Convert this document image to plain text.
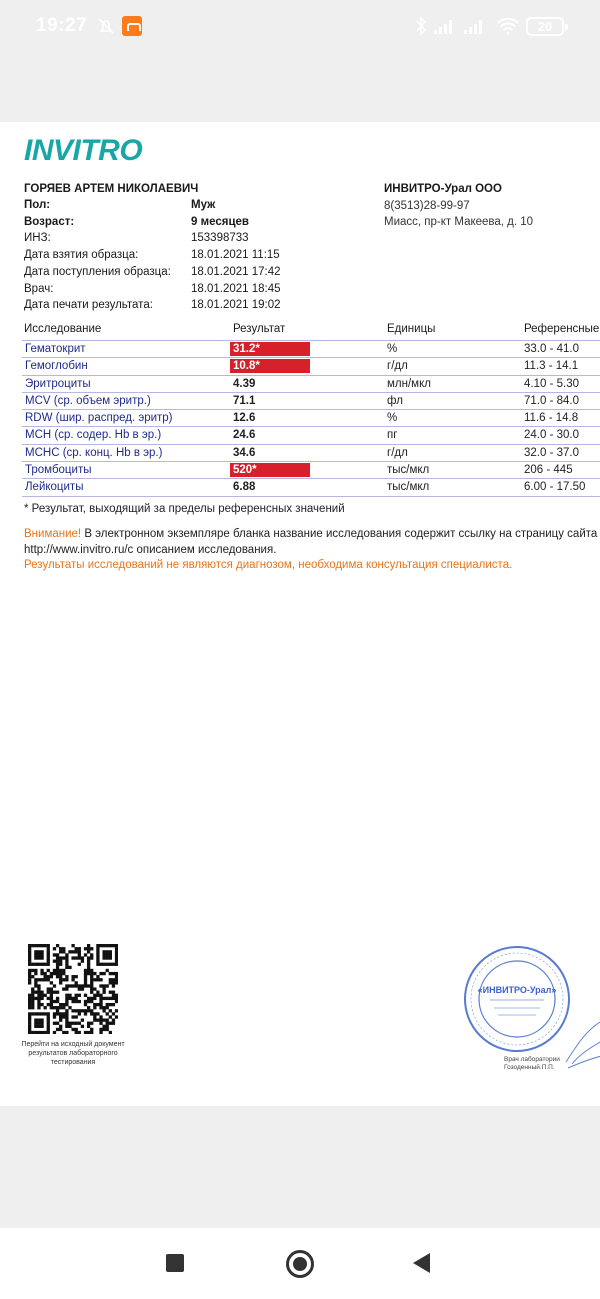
19:27	20
INVITRO
ГОРЯЕВ АРТЕМ НИКОЛАЕВИЧ	ИНВИТРО-Урал ООО
8(3513)28-99-97
Миасс, пр-кт Макеева, д. 10
Пол:	Муж
Возраст:	9 месяцев
ИНЗ:	153398733
Дата взятия образца:	18.01.2021 11:15
Дата поступления образца: 18.01.2021 17:42
Врач:	18.01.2021 18:45
Дата печати результата:	18.01.2021 19:02
Исследование	Результат	Единицы	Референсные
Гематокрит	31.2*	%	33.0 - 41.0
Гемоглобин	10.8*	г/дл	11.3 - 14.1
Эритроциты	4.39	млн/мкл	4.10 - 5.30
MCV (ср. объем эритр.)	71.1	фл	71.0 - 84.0
RDW (шир. распред. эритр)	12.6	%	11.6 - 14.8
MCH (ср. содер. Hb в эр.)	24.6	пг	24.0 - 30.0
MCHC (ср. конц. Hb в эр.)	34.6	г/дл	32.0 - 37.0
Тромбоциты	520*	тыс/мкл	206 - 445
Лейкоциты	6.88	тыс/мкл	6.00 - 17.50
* Результат, выходящий за пределы референсных значений
Внимание! В электронном экземпляре бланка название исследования содержит ссылку на страницу сайта http://www.invitro.ru/с описанием исследования.
Результаты исследований не являются диагнозом, необходима консультация специалиста.
Перейти на исходный документ результатов лабораторного тестирования
«ИНВИТРО-Урал»
Врач лаборатории
Гозоденный.П.П.
